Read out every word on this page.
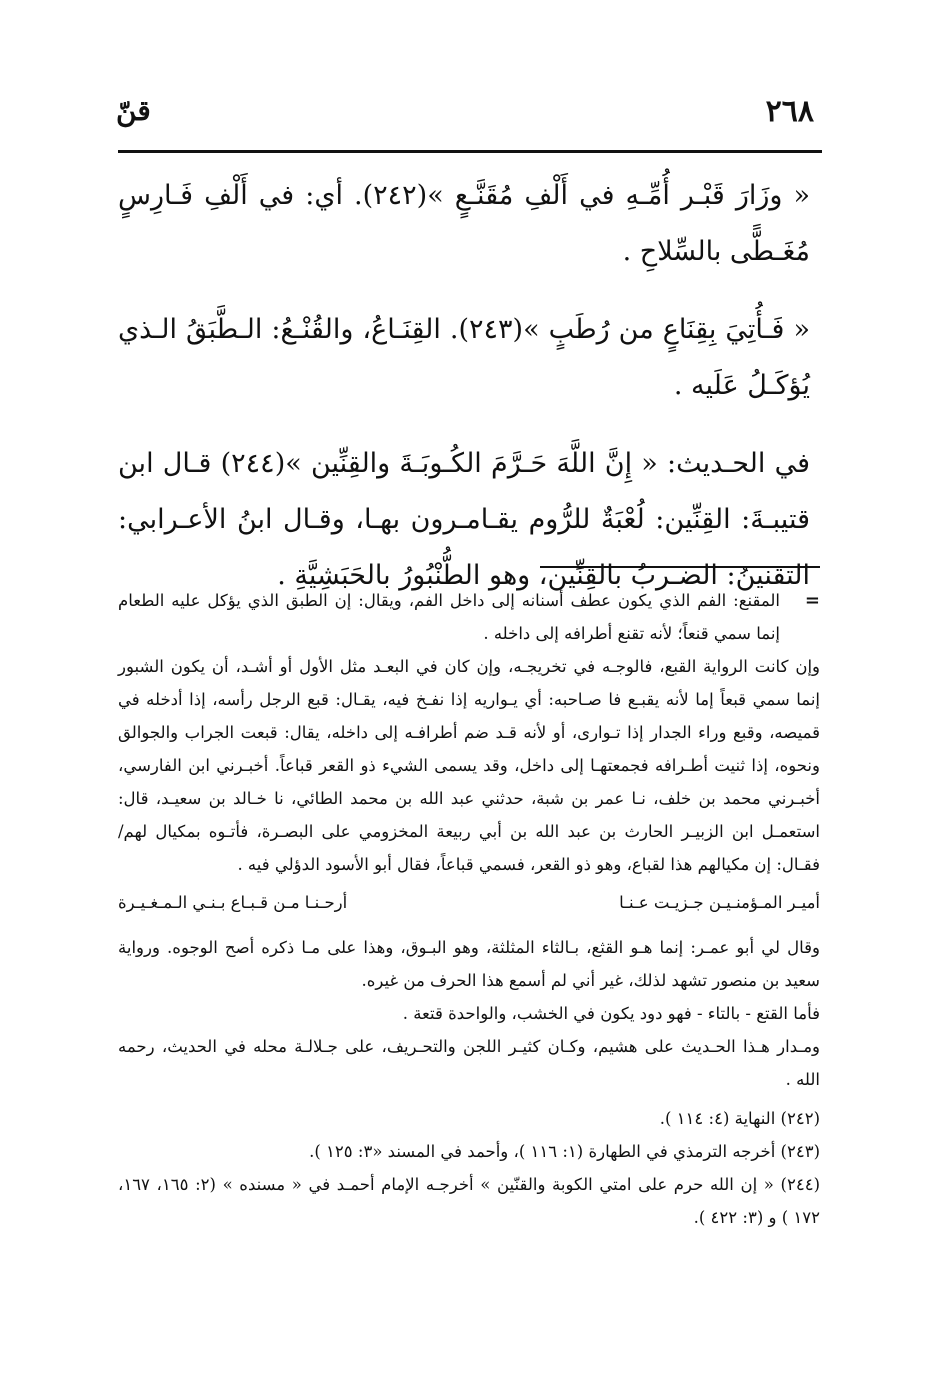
٢٦٨
قنّ

« وزَارَ قَبْـر أُمِّـهِ في أَلْفِ مُقَنَّـعٍ »(٢٤٢). أي: في أَلْفِ فَـارِسٍ مُغَـطًّى بالسِّلاحِ .

« فَـأُتِيَ بِقِنَاعٍ من رُطَبٍ »(٢٤٣). القِنَـاعُ، والقُنْـعُ: الـطَّبَقُ الـذي يُؤكَـلُ عَلَيه .

في الحـديث: « إِنَّ اللَّهَ حَـرَّمَ الكُـوبَـةَ والقِنِّين »(٢٤٤) قـال ابن قتيبـةَ: القِنِّين: لُعْبَةٌ للرُّوم يقـامـرون بهـا، وقـال ابنُ الأعـرابي: التقنينُ: الضـربُ بالقِنِّين، وهو الطُّنْبُورُ بالحَبَشِيَّةِ .

=
المقنع: الفم الذي يكون عطف أسنانه إلى داخل الفم، ويقال: إن الطبق الذي يؤكل عليه الطعام إنما سمي قنعاً؛ لأنه تقنع أطرافه إلى داخله .

وإن كانت الرواية القبع، فالوجـه في تخريجـه، وإن كان في البعـد مثل الأول أو أشـد، أن يكون الشبور إنما سمي قبعاً إما لأنه يقبـع فا صـاحبه: أي يـواريه إذا نفـخ فيه، يقـال: قبع الرجل رأسه، إذا أدخله في قميصه، وقبع وراء الجدار إذا تـوارى، أو لأنه قـد ضم أطرافـه إلى داخله، يقال: قبعت الجراب والجوالق ونحوه، إذا ثنيت أطـرافه فجمعتهـا إلى داخل، وقد يسمى الشيء ذو القعر قباعاً. أخبـرني ابن الفارسي، أخبـرني محمد بن خلف، نـا عمر بن شبة، حدثني عبد الله بن محمد الطائي، نا خـالد بن سعيـد، قال: استعمـل ابن الزبيـر الحارث بن عبد الله بن أبي ربيعة المخزومي على البصـرة، فأتـوه بمكيال لهم/ فقـال: إن مكيالهم هذا لقباع، وهو ذو القعر، فسمي قباعاً، فقال أبو الأسود الدؤلي فيه .

أميـر المـؤمنـيـن جـزيـت عـنـا
أرحـنـا مـن قـبـاع بـنـي الـمـغـيـرة

وقال لي أبو عمـر: إنما هـو القثع، بـالثاء المثلثة، وهو البـوق، وهذا على مـا ذكره أصح الوجوه. ورواية سعيد بن منصور تشهد لذلك، غير أني لم أسمع هذا الحرف من غيره.

فأما القتع - بالتاء - فهو دود يكون في الخشب، والواحدة قتعة .

ومـدار هـذا الحـديث على هشيم، وكـان كثيـر اللجن والتحـريف، على جـلالـة محله في الحديث، رحمه الله .

(٢٤٢) النهاية (٤: ١١٤ ).

(٢٤٣) أخرجه الترمذي في الطهارة (١: ١١٦ )، وأحمد في المسند «٣: ١٢٥ ).

(٢٤٤) « إن الله حرم على امتي الكوبة والقنّين » أخرجـه الإمام أحمـد في « مسنده » (٢: ١٦٥، ١٦٧، ١٧٢ ) و (٣: ٤٢٢ ).
